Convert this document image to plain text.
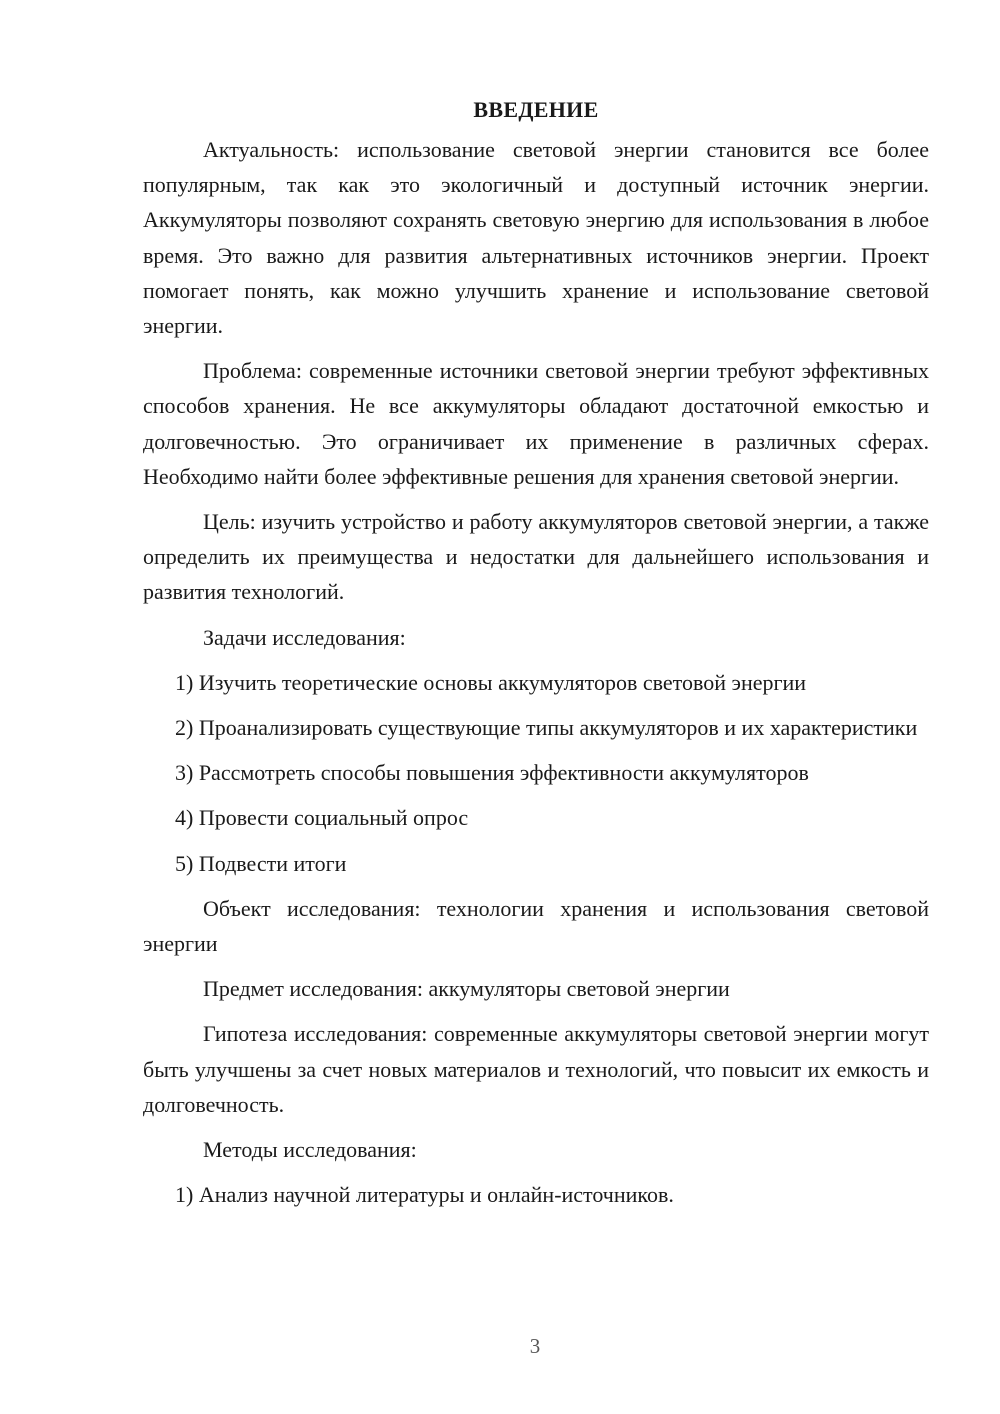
ВВЕДЕНИЕ

Актуальность: использование световой энергии становится все более популярным, так как это экологичный и доступный источник энергии. Аккумуляторы позволяют сохранять световую энергию для использования в любое время. Это важно для развития альтернативных источников энергии. Проект помогает понять, как можно улучшить хранение и использование световой энергии.

Проблема: современные источники световой энергии требуют эффективных способов хранения. Не все аккумуляторы обладают достаточной емкостью и долговечностью. Это ограничивает их применение в различных сферах. Необходимо найти более эффективные решения для хранения световой энергии.

Цель: изучить устройство и работу аккумуляторов световой энергии, а также определить их преимущества и недостатки для дальнейшего использования и развития технологий.

Задачи исследования:

1) Изучить теоретические основы аккумуляторов световой энергии

2) Проанализировать существующие типы аккумуляторов и их характеристики

3) Рассмотреть способы повышения эффективности аккумуляторов

4) Провести социальный опрос

5) Подвести итоги

Объект исследования: технологии хранения и использования световой энергии

Предмет исследования: аккумуляторы световой энергии

Гипотеза исследования: современные аккумуляторы световой энергии могут быть улучшены за счет новых материалов и технологий, что повысит их емкость и долговечность.

Методы исследования:

1) Анализ научной литературы и онлайн-источников.

3
